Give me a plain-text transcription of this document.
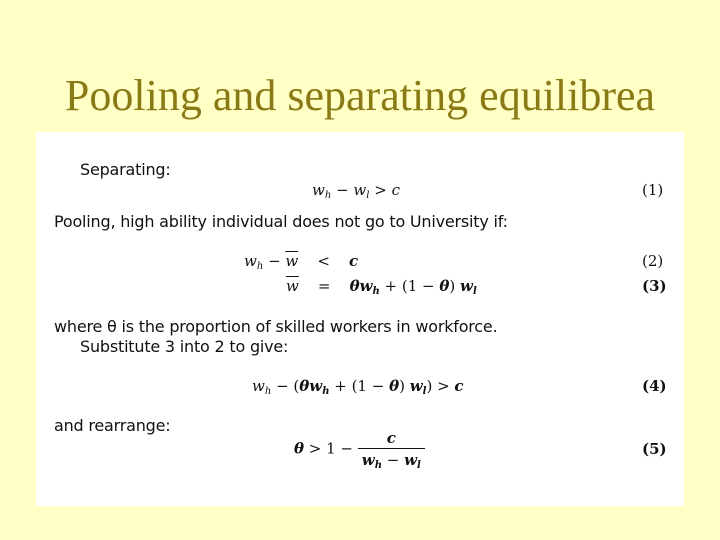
Pooling and separating equilibrea
Separating:
$w_h - w_l > c$	(1)
Pooling, high ability individual does not go to University if:
$w_h - \overline{w}$    <    c	(2)
$\overline{w}$    =    $\theta w_h + (1 - \theta)$ $w_l$	(3)
where θ is the proportion of skilled workers in workforce.
Substitute 3 into 2 to give:
$w_h - (\theta w_h + (1 - \theta) w_l) > c$	(4)
and rearrange:
$\theta > 1 - \frac{c}{w_h - w_l}$	(5)
